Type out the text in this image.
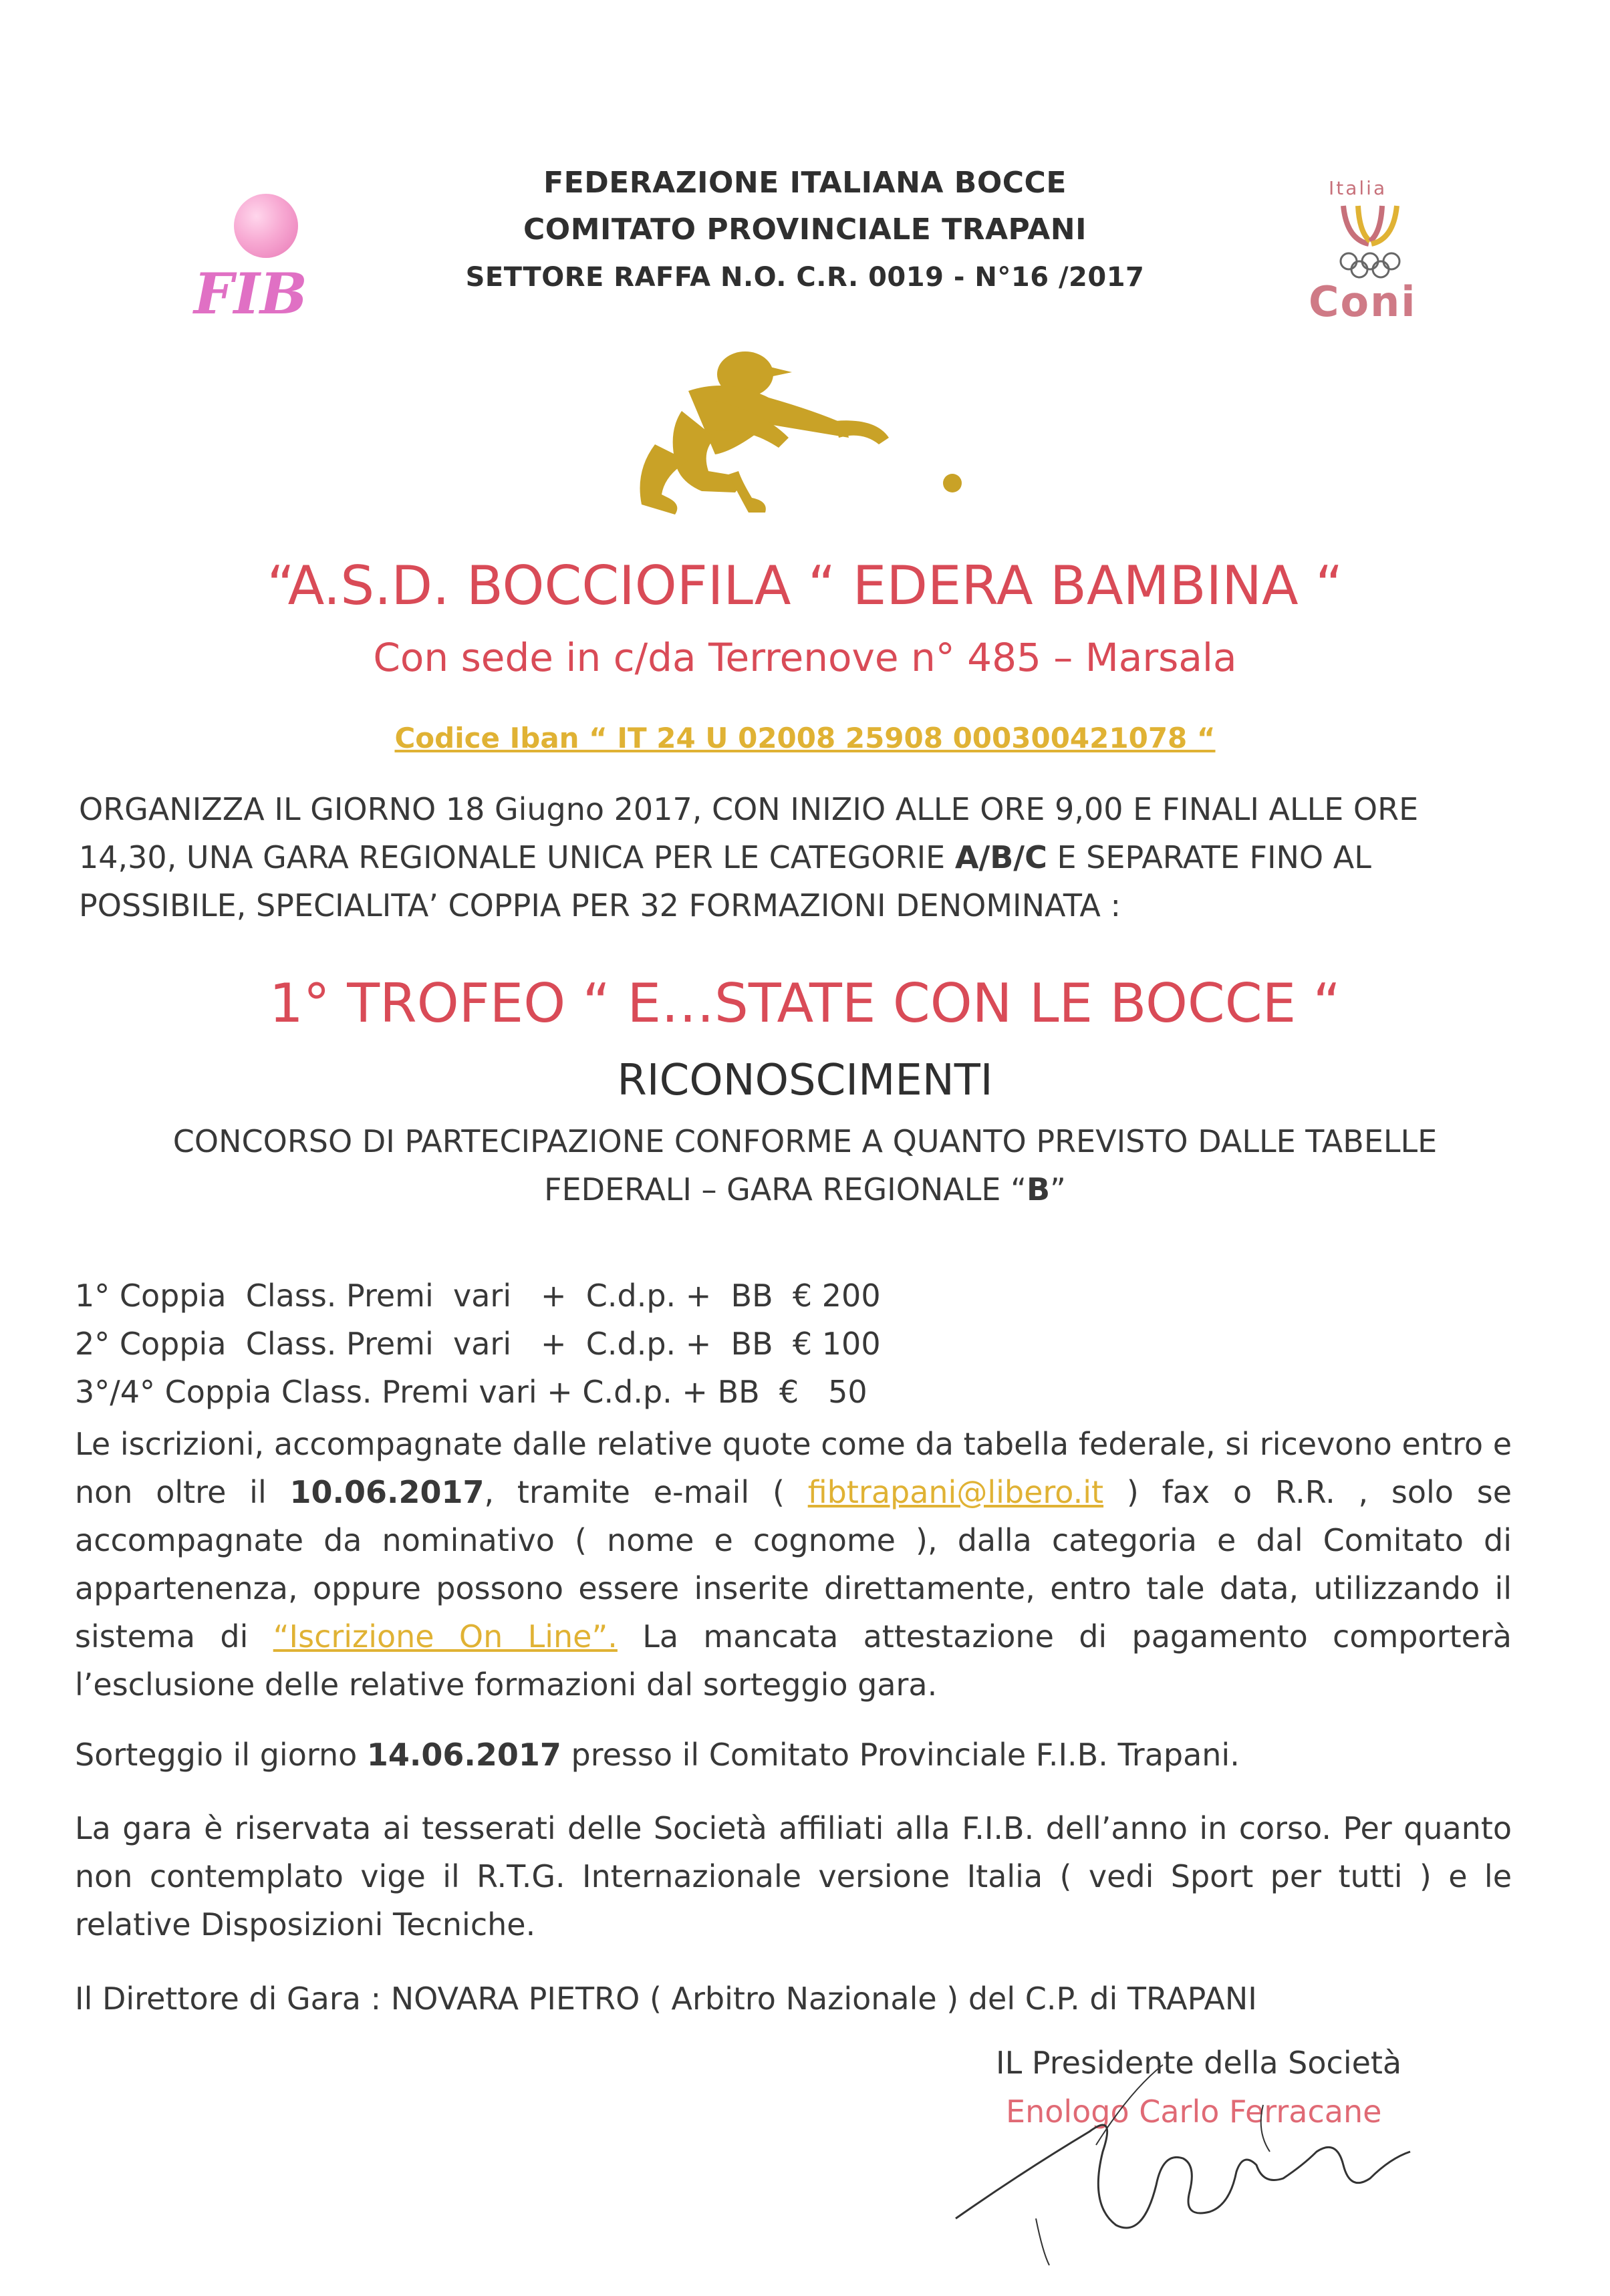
FEDERAZIONE ITALIANA BOCCE
COMITATO PROVINCIALE TRAPANI
SETTORE RAFFA N.O. C.R. 0019 - N°16 /2017
FIB
Italia
Coni
“A.S.D. BOCCIOFILA “ EDERA BAMBINA “
Con sede in c/da Terrenove n° 485 – Marsala
Codice Iban “ IT 24 U 02008 25908 000300421078 “
ORGANIZZA IL GIORNO 18 Giugno 2017, CON INIZIO ALLE ORE 9,00 E FINALI ALLE ORE 14,30, UNA GARA REGIONALE UNICA PER LE CATEGORIE A/B/C E SEPARATE FINO AL POSSIBILE, SPECIALITA’ COPPIA PER 32 FORMAZIONI DENOMINATA :
1° TROFEO “ E…STATE CON LE BOCCE “
RICONOSCIMENTI
CONCORSO DI PARTECIPAZIONE CONFORME A QUANTO PREVISTO DALLE TABELLE
FEDERALI – GARA REGIONALE “B”
1° Coppia  Class. Premi  vari   +  C.d.p. +  BB  € 200
2° Coppia  Class. Premi  vari   +  C.d.p. +  BB  € 100
3°/4° Coppia Class. Premi vari + C.d.p. + BB  €   50
Le iscrizioni, accompagnate dalle relative quote come da tabella federale, si ricevono entro e non oltre il 10.06.2017, tramite e-mail ( fibtrapani@libero.it ) fax o R.R. , solo se accompagnate da nominativo ( nome e cognome ), dalla categoria e dal Comitato di appartenenza, oppure possono essere inserite direttamente, entro tale data, utilizzando il sistema di “Iscrizione On Line”. La mancata attestazione di pagamento comporterà l’esclusione delle relative formazioni dal sorteggio gara.
Sorteggio il giorno 14.06.2017 presso il Comitato Provinciale F.I.B. Trapani.
La gara è riservata ai tesserati delle Società affiliati alla F.I.B. dell’anno in corso. Per quanto non contemplato vige il R.T.G. Internazionale versione Italia ( vedi Sport per tutti ) e le relative Disposizioni Tecniche.
Il Direttore di Gara : NOVARA PIETRO ( Arbitro Nazionale ) del C.P. di TRAPANI
IL Presidente della Società
Enologo Carlo Ferracane
